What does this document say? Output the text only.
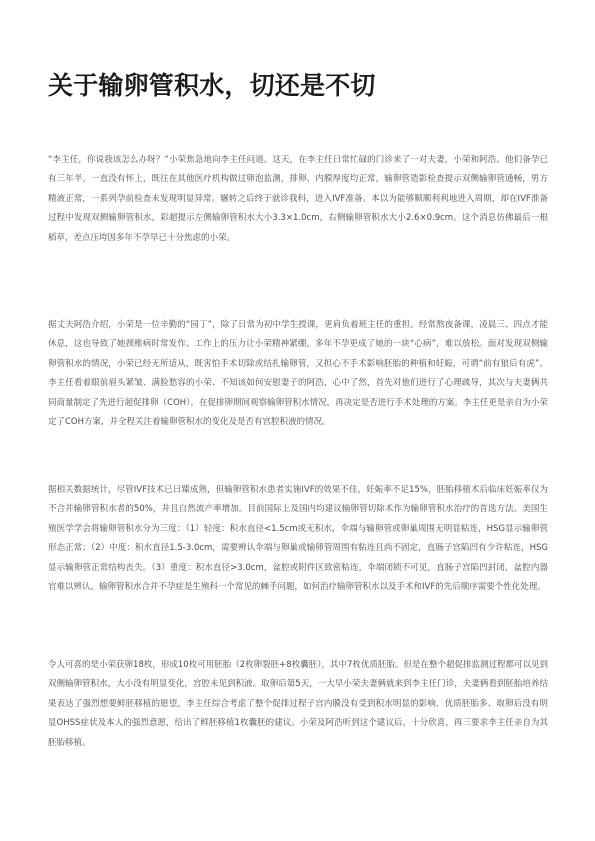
关于输卵管积水，切还是不切

“李主任，你说我该怎么办呀？”小荣焦急地向李主任问道。这天，在李主任日常忙碌的门诊来了一对夫妻，小荣和阿浩。他们备孕已有三年半，一直没有怀上，既往在其他医疗机构做过卵泡监测，排卵、内膜厚度均正常，输卵管造影检查提示双侧输卵管通畅，男方精液正常，一系列孕前检查未发现明显异常。辗转之后终于就诊我科，进入IVF准备。本以为能够顺顺利利地进入周期，却在IVF准备过程中发现双侧输卵管积水，彩超提示左侧输卵管积水大小3.3×1.0cm，右侧输卵管积水大小2.6×0.9cm。这个消息仿佛最后一根稻草，差点压垮因多年不孕早已十分焦虑的小荣。

据丈夫阿浩介绍，小荣是一位辛勤的“园丁”，除了日常为初中学生授课，更肩负着班主任的重担。经常熬夜备课，凌晨三、四点才能休息，这也导致了她颈椎病时常发作。工作上的压力让小荣精神紧绷，多年不孕更成了她的一块“心病”，难以放松。面对发现双侧输卵管积水的情况，小荣已经无所适从，既害怕手术切除或结扎输卵管，又担心不手术影响胚胎的种植和妊娠，可谓“前有狼后有虎”。李主任看着眼前眉头紧皱、满脸愁容的小荣、不知该如何安慰妻子的阿浩，心中了然，首先对他们进行了心理疏导，其次与夫妻俩共同商量制定了先进行超促排卵（COH），在促排卵期间观察输卵管积水情况，再决定是否进行手术处理的方案。李主任更是亲自为小荣定了COH方案，并全程关注着输卵管积水的变化及是否有宫腔积液的情况。

据相关数据统计，尽管IVF技术已日臻成熟，但输卵管积水患者实施IVF的效果不佳，妊娠率不足15%，胚胎移植术后临床妊娠率仅为不合并输卵管积水者的50%，并且自然流产率增加。目前国际上及国内均建议输卵管切除术作为输卵管积水治疗的首选方法。美国生殖医学学会将输卵管积水分为三度：（1）轻度：积水直径<1.5cm或无积水，伞端与输卵管或卵巢周围无明显粘连，HSG显示输卵管形态正常；（2）中度：积水直径1.5-3.0cm，需要辨认伞端与卵巢或输卵管周围有粘连且尚不固定，直肠子宫陷凹有少许粘连，HSG显示输卵管正常结构丧失。（3）重度：积水直径>3.0cm，盆腔或附件区致密粘连，伞端闭锁不可见，直肠子宫陷凹封闭，盆腔内器官难以辨认。输卵管积水合并不孕症是生殖科一个常见的棘手问题，如何治疗输卵管积水以及手术和IVF的先后顺序需要个性化处理。

令人可喜的是小荣获卵18枚，形成10枚可用胚胎（2枚卵裂胚+8枚囊胚），其中7枚优质胚胎。但是在整个超促排监测过程都可以见到双侧输卵管积水，大小没有明显变化，宫腔未见到积液。取卵后第5天，一大早小荣夫妻俩就来到李主任门诊，夫妻俩看到胚胎培养结果表达了强烈想要鲜胚移植的愿望，李主任综合考虑了整个促排过程子宫内膜没有受到积水明显的影响、优质胚胎多、取卵后没有明显OHSS症状及本人的强烈意愿，给出了鲜胚移植1枚囊胚的建议。小荣及阿浩听到这个建议后，十分欣喜，再三要求李主任亲自为其胚胎移植。
